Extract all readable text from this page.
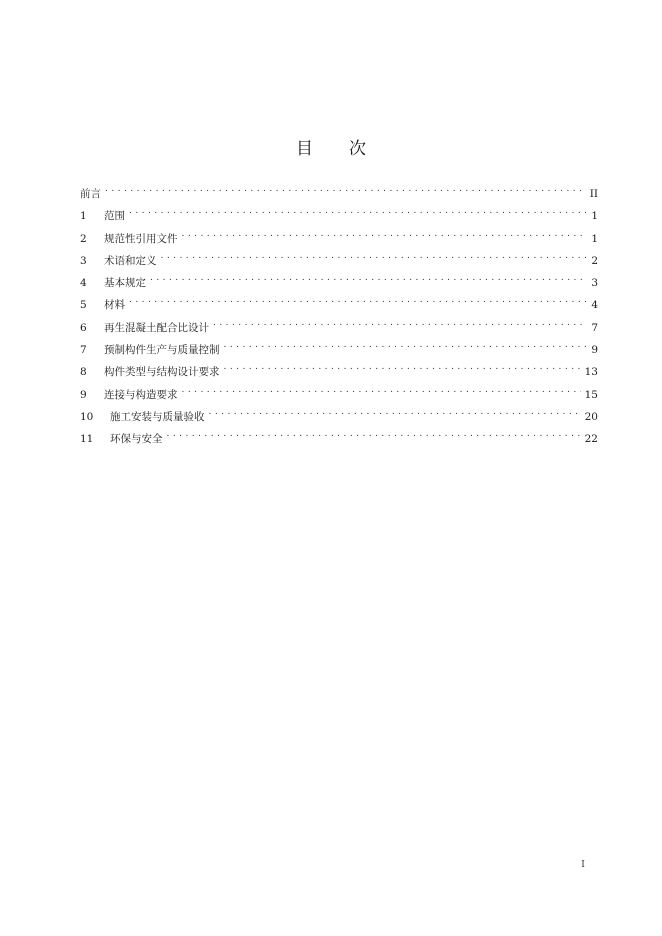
目 次
前言 . . .	II
1	范围 . . .	1
2	规范性引用文件 . . .	1
3	术语和定义 . . .	2
4	基本规定 . . .	3
5	材料 . . .	4
6	再生混凝土配合比设计 . . .	7
7	预制构件生产与质量控制 . . .	9
8	构件类型与结构设计要求 . . .	13
9	连接与构造要求 . . .	15
10	施工安装与质量验收 . . .	20
11	环保与安全 . . .	22
I
